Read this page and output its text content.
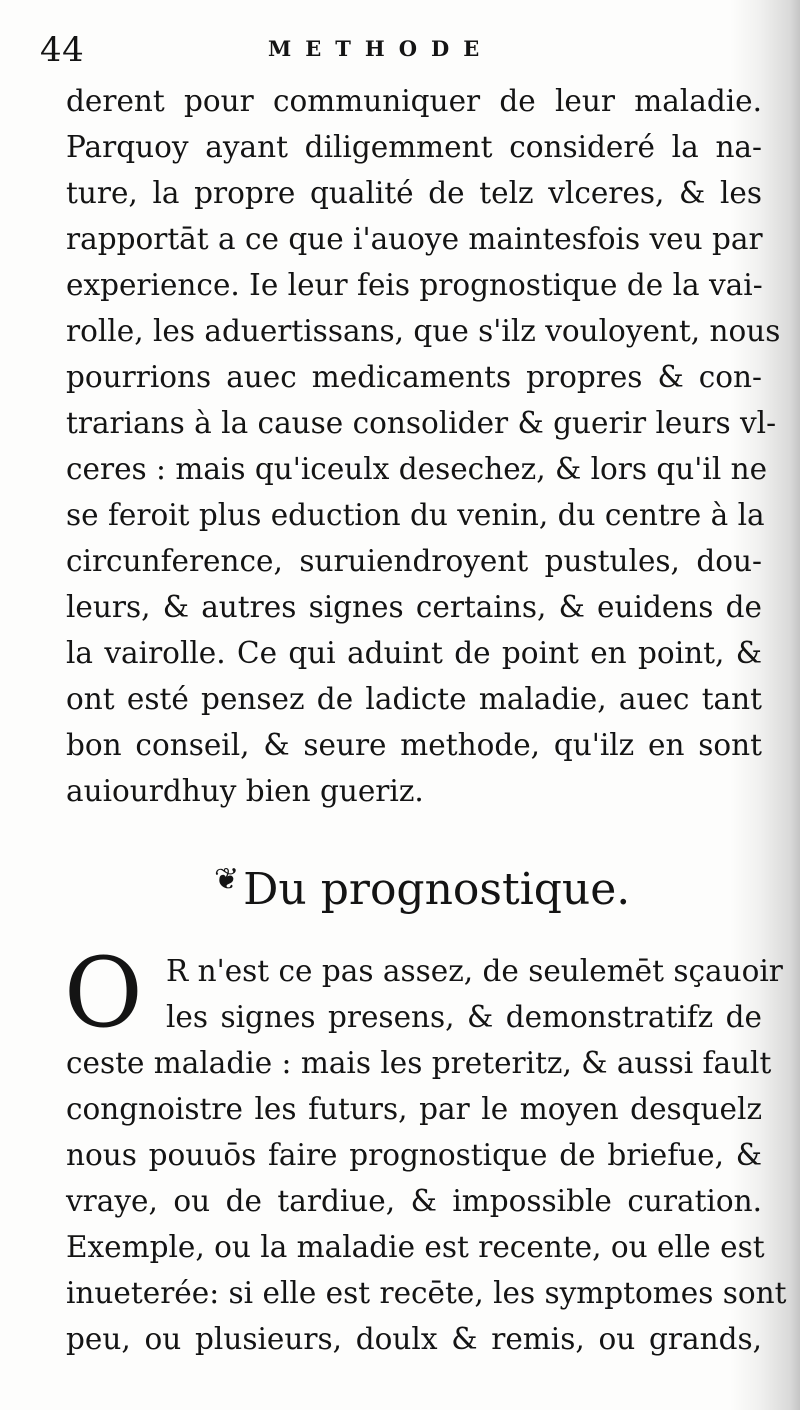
44	METHODE
derent pour communiquer de leur maladie.
Parquoy ayant diligemment consideré la na-
ture, la propre qualité de telz vlceres, & les
rapportāt a ce que i'auoye maintesfois veu par
experience. Ie leur feis prognostique de la vai-
rolle, les aduertissans, que s'ilz vouloyent, nous
pourrions auec medicaments propres & con-
trarians à la cause consolider & guerir leurs vl-
ceres : mais qu'iceulx desechez, & lors qu'il ne
se feroit plus eduction du venin, du centre à la
circunference, suruiendroyent pustules, dou-
leurs, & autres signes certains, & euidens de
la vairolle. Ce qui aduint de point en point, &
ont esté pensez de ladicte maladie, auec tant
bon conseil, & seure methode, qu'ilz en sont
auiourdhuy bien gueriz.
❦Du prognostique.
O R n'est ce pas assez, de seulemēt sçauoir
les signes presens, & demonstratifz de
ceste maladie : mais les preteritz, & aussi fault
congnoistre les futurs, par le moyen desquelz
nous pouuōs faire prognostique de briefue, &
vraye, ou de tardiue, & impossible curation.
Exemple, ou la maladie est recente, ou elle est
inueterée: si elle est recēte, les symptomes sont
peu, ou plusieurs, doulx & remis, ou grands,
